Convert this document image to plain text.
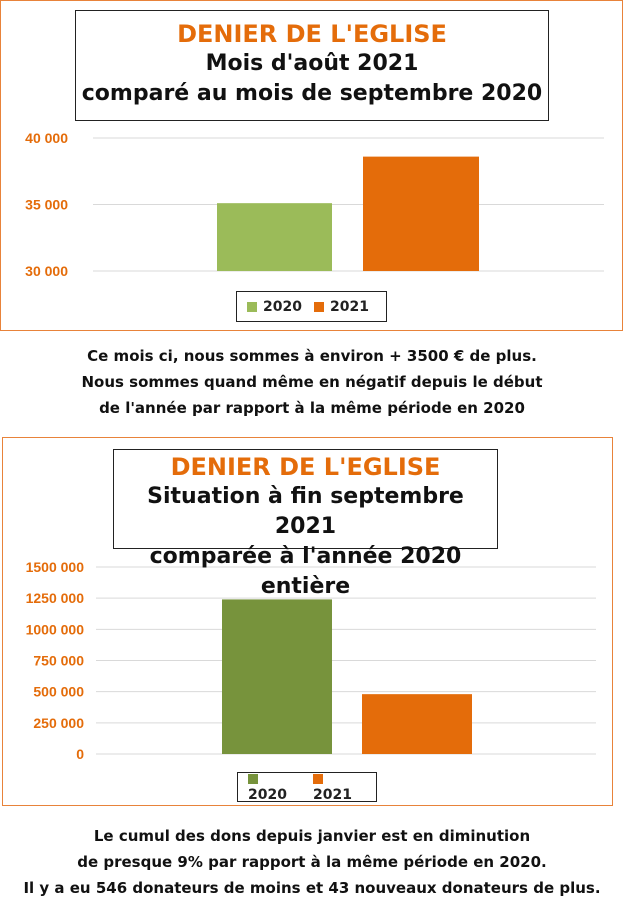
40 000
35 000
30 000
1500 000
1250 000
1000 000
750 000
500 000
250 000
0
DENIER DE L'EGLISE
Mois d'août 2021
comparé au mois de septembre 2020
DENIER DE L'EGLISE
Situation à fin septembre 2021
comparée à l'année 2020 entière
2020	2021
2020	2021
Ce mois ci, nous sommes à environ + 3500 € de plus.
Nous sommes quand même en négatif depuis le début
de l'année par rapport à la même période en 2020
Le cumul des dons depuis janvier est en diminution
de presque 9% par rapport à la même période en 2020.
Il y a eu 546 donateurs de moins et 43 nouveaux donateurs de plus.
